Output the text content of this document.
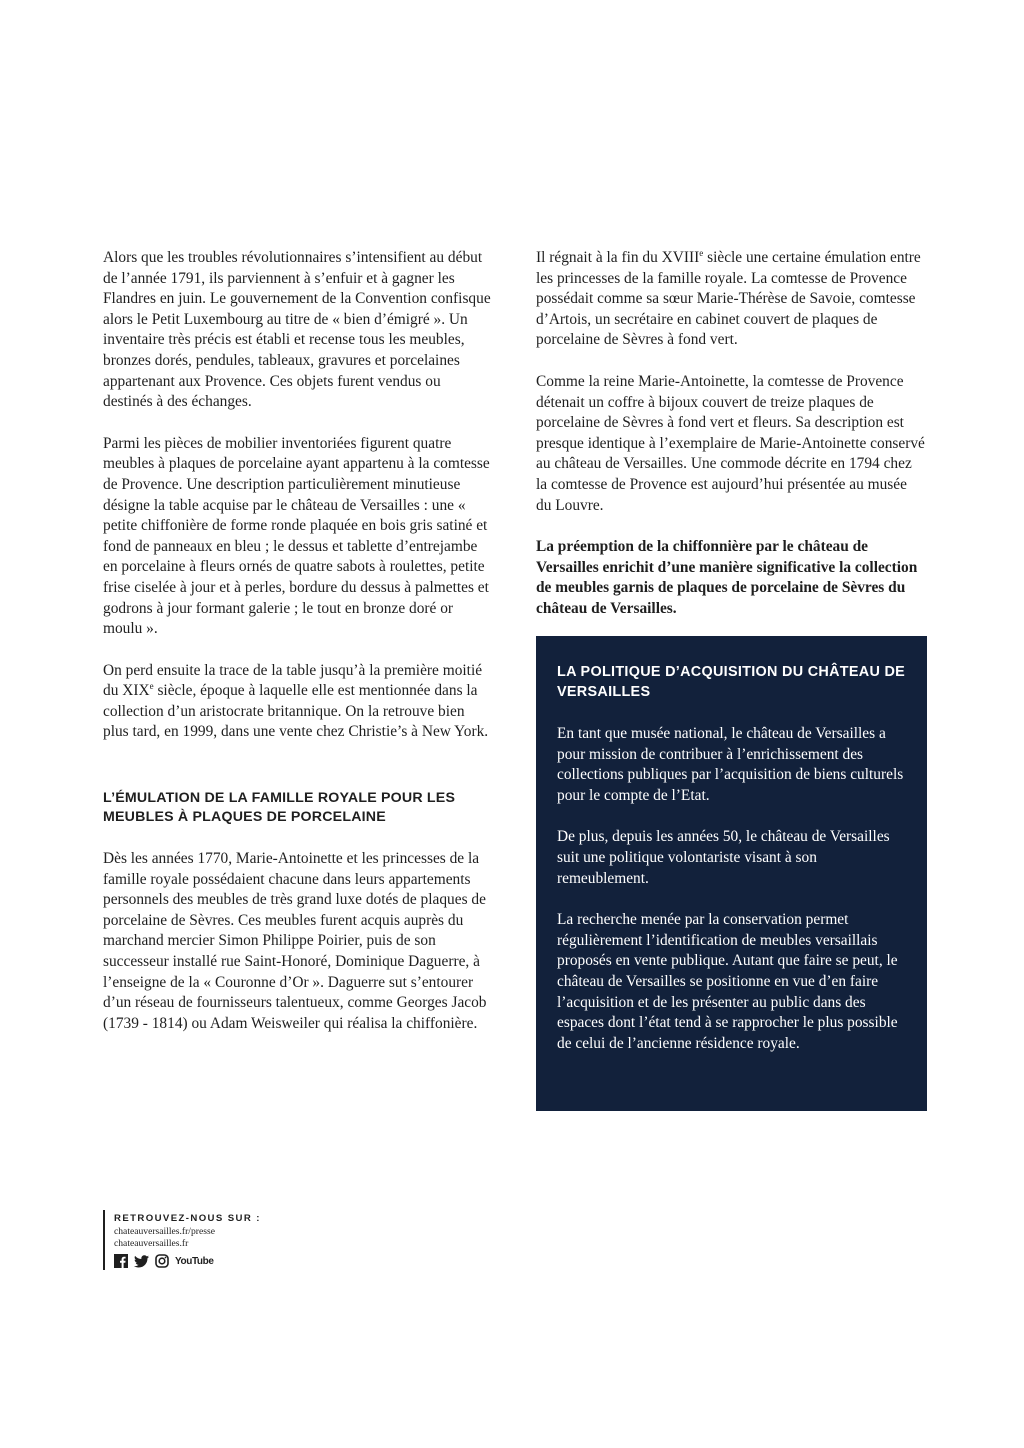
Alors que les troubles révolutionnaires s’intensifient au début de l’année 1791, ils parviennent à s’enfuir et à gagner les Flandres en juin. Le gouvernement de la Convention confisque alors le Petit Luxembourg au titre de « bien d’émigré ». Un inventaire très précis est établi et recense tous les meubles, bronzes dorés, pendules, tableaux, gravures et porcelaines appartenant aux Provence. Ces objets furent vendus ou destinés à des échanges.

Parmi les pièces de mobilier inventoriées figurent quatre meubles à plaques de porcelaine ayant appartenu à la comtesse de Provence. Une description particulièrement minutieuse désigne la table acquise par le château de Versailles : une « petite chiffonière de forme ronde plaquée en bois gris satiné et fond de panneaux en bleu ; le dessus et tablette d’entrejambe en porcelaine à fleurs ornés de quatre sabots à roulettes, petite frise ciselée à jour et à perles, bordure du dessus à palmettes et godrons à jour formant galerie ; le tout en bronze doré or moulu ».

On perd ensuite la trace de la table jusqu’à la première moitié du XIXe siècle, époque à laquelle elle est mentionnée dans la collection d’un aristocrate britannique. On la retrouve bien plus tard, en 1999, dans une vente chez Christie’s à New York.

L’ÉMULATION DE LA FAMILLE ROYALE POUR LES MEUBLES À PLAQUES DE PORCELAINE

Dès les années 1770, Marie-Antoinette et les princesses de la famille royale possédaient chacune dans leurs appartements personnels des meubles de très grand luxe dotés de plaques de porcelaine de Sèvres. Ces meubles furent acquis auprès du marchand mercier Simon Philippe Poirier, puis de son successeur installé rue Saint-Honoré, Dominique Daguerre, à l’enseigne de la « Couronne d’Or ». Daguerre sut s’entourer d’un réseau de fournisseurs talentueux, comme Georges Jacob (1739 - 1814) ou Adam Weisweiler qui réalisa la chiffonière.

Il régnait à la fin du XVIIIe siècle une certaine émulation entre les princesses de la famille royale. La comtesse de Provence possédait comme sa sœur Marie-Thérèse de Savoie, comtesse d’Artois, un secrétaire en cabinet couvert de plaques de porcelaine de Sèvres à fond vert.

Comme la reine Marie-Antoinette, la comtesse de Provence détenait un coffre à bijoux couvert de treize plaques de porcelaine de Sèvres à fond vert et fleurs. Sa description est presque identique à l’exemplaire de Marie-Antoinette conservé au château de Versailles. Une commode décrite en 1794 chez la comtesse de Provence est aujourd’hui présentée au musée du Louvre.

La préemption de la chiffonnière par le château de Versailles enrichit d’une manière significative la collection de meubles garnis de plaques de porcelaine de Sèvres du château de Versailles.

LA POLITIQUE D’ACQUISITION DU CHÂTEAU DE VERSAILLES

En tant que musée national, le château de Versailles a pour mission de contribuer à l’enrichissement des collections publiques par l’acquisition de biens culturels pour le compte de l’Etat.

De plus, depuis les années 50, le château de Versailles suit une politique volontariste visant à son remeublement.

La recherche menée par la conservation permet régulièrement l’identification de meubles versaillais proposés en vente publique. Autant que faire se peut, le château de Versailles se positionne en vue d’en faire l’acquisition et de les présenter au public dans des espaces dont l’état tend à se rapprocher le plus possible de celui de l’ancienne résidence royale.

RETROUVEZ-NOUS SUR :
chateauversailles.fr/presse
chateauversailles.fr
YouTube
